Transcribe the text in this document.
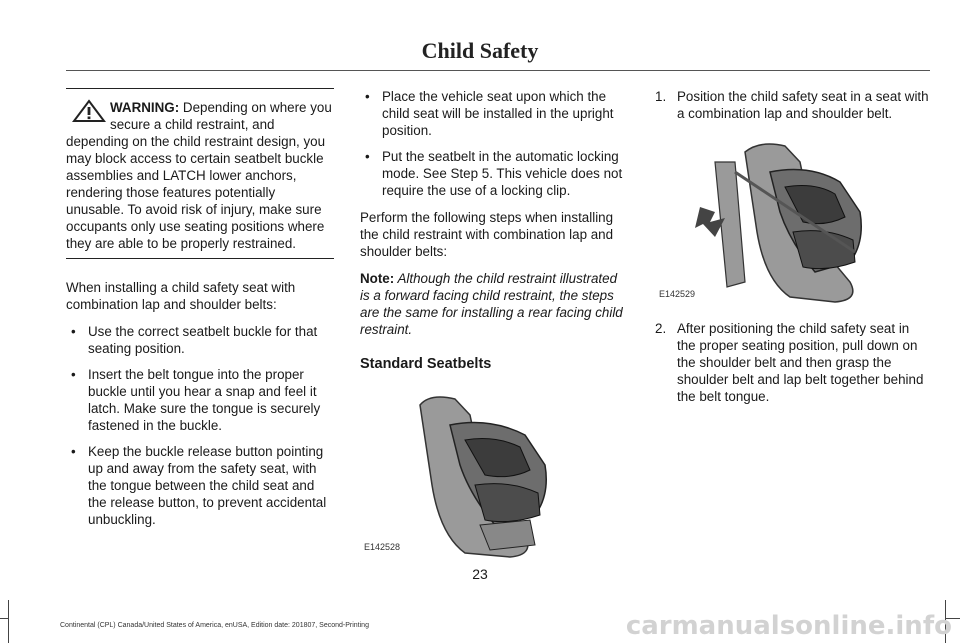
Child Safety
WARNING: Depending on where you secure a child restraint, and depending on the child restraint design, you may block access to certain seatbelt buckle assemblies and LATCH lower anchors, rendering those features potentially unusable. To avoid risk of injury, make sure occupants only use seating positions where they are able to be properly restrained.

When installing a child safety seat with combination lap and shoulder belts:

• Use the correct seatbelt buckle for that seating position.
• Insert the belt tongue into the proper buckle until you hear a snap and feel it latch. Make sure the tongue is securely fastened in the buckle.
• Keep the buckle release button pointing up and away from the safety seat, with the tongue between the child seat and the release button, to prevent accidental unbuckling.
• Place the vehicle seat upon which the child seat will be installed in the upright position.
• Put the seatbelt in the automatic locking mode. See Step 5. This vehicle does not require the use of a locking clip.

Perform the following steps when installing the child restraint with combination lap and shoulder belts:

Note: Although the child restraint illustrated is a forward facing child restraint, the steps are the same for installing a rear facing child restraint.

Standard Seatbelts
E142528
1. Position the child safety seat in a seat with a combination lap and shoulder belt.
E142529
2. After positioning the child safety seat in the proper seating position, pull down on the shoulder belt and then grasp the shoulder belt and lap belt together behind the belt tongue.
23
Continental (CPL) Canada/United States of America, enUSA, Edition date: 201807, Second-Printing	carmanualsonline.info
